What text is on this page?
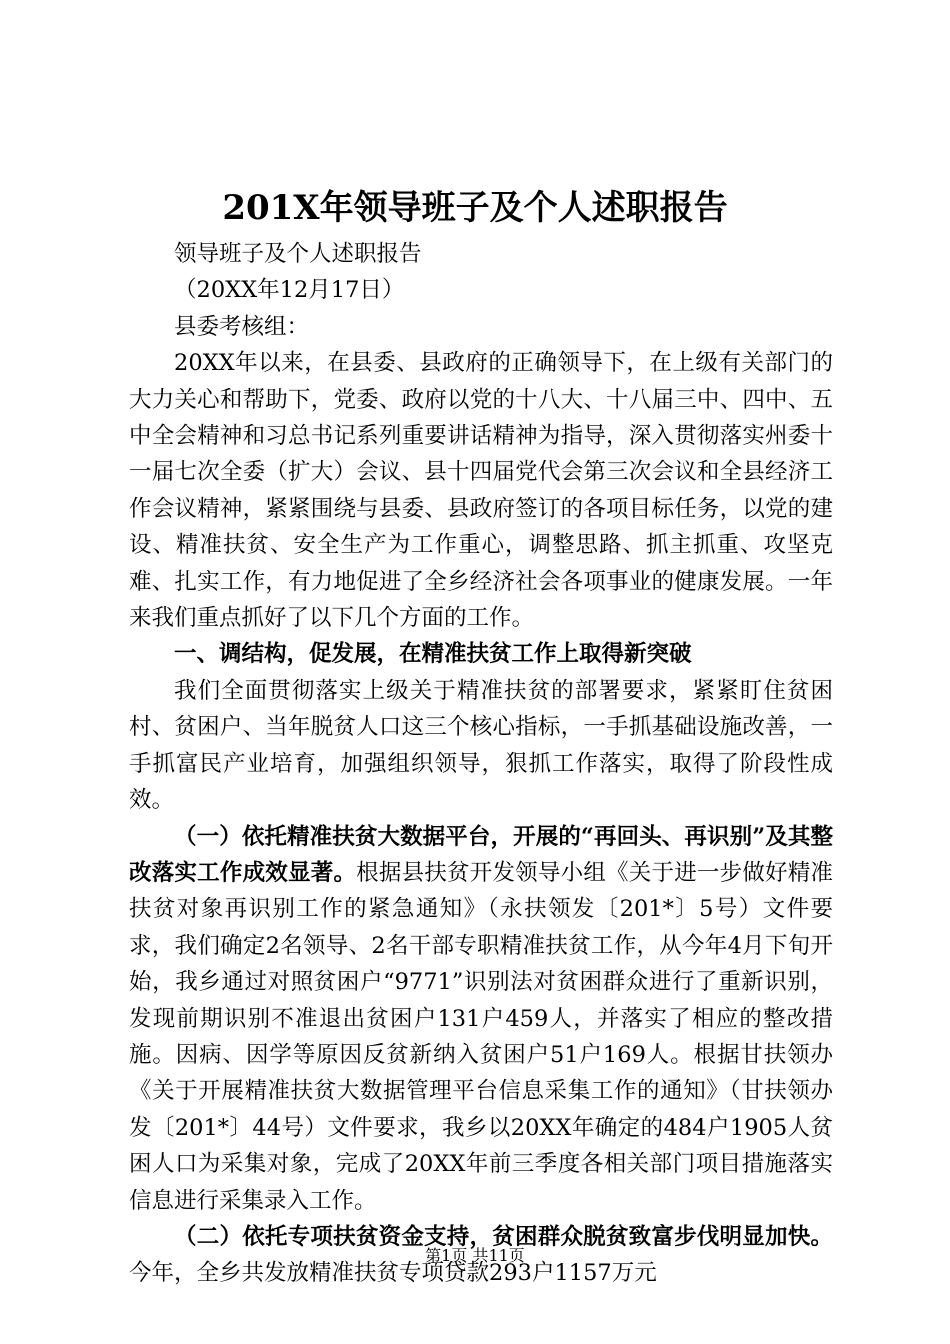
201X年领导班子及个人述职报告

领导班子及个人述职报告

（20XX年12月17日）

县委考核组：

20XX年以来，在县委、县政府的正确领导下，在上级有关部门的大力关心和帮助下，党委、政府以党的十八大、十八届三中、四中、五中全会精神和习总书记系列重要讲话精神为指导，深入贯彻落实州委十一届七次全委（扩大）会议、县十四届党代会第三次会议和全县经济工作会议精神，紧紧围绕与县委、县政府签订的各项目标任务，以党的建设、精准扶贫、安全生产为工作重心，调整思路、抓主抓重、攻坚克难、扎实工作，有力地促进了全乡经济社会各项事业的健康发展。一年来我们重点抓好了以下几个方面的工作。

一、调结构，促发展，在精准扶贫工作上取得新突破

我们全面贯彻落实上级关于精准扶贫的部署要求，紧紧盯住贫困村、贫困户、当年脱贫人口这三个核心指标，一手抓基础设施改善，一手抓富民产业培育，加强组织领导，狠抓工作落实，取得了阶段性成效。

（一）依托精准扶贫大数据平台，开展的“再回头、再识别”及其整改落实工作成效显著。根据县扶贫开发领导小组《关于进一步做好精准扶贫对象再识别工作的紧急通知》（永扶领发〔201*〕5号）文件要求，我们确定2名领导、2名干部专职精准扶贫工作，从今年4月下旬开始，我乡通过对照贫困户“9771”识别法对贫困群众进行了重新识别，发现前期识别不准退出贫困户131户459人，并落实了相应的整改措施。因病、因学等原因反贫新纳入贫困户51户169人。根据甘扶领办《关于开展精准扶贫大数据管理平台信息采集工作的通知》（甘扶领办发〔201*〕44号）文件要求，我乡以20XX年确定的484户1905人贫困人口为采集对象，完成了20XX年前三季度各相关部门项目措施落实信息进行采集录入工作。

（二）依托专项扶贫资金支持，贫困群众脱贫致富步伐明显加快。今年，全乡共发放精准扶贫专项贷款293户1157万元

第1页 共11页
